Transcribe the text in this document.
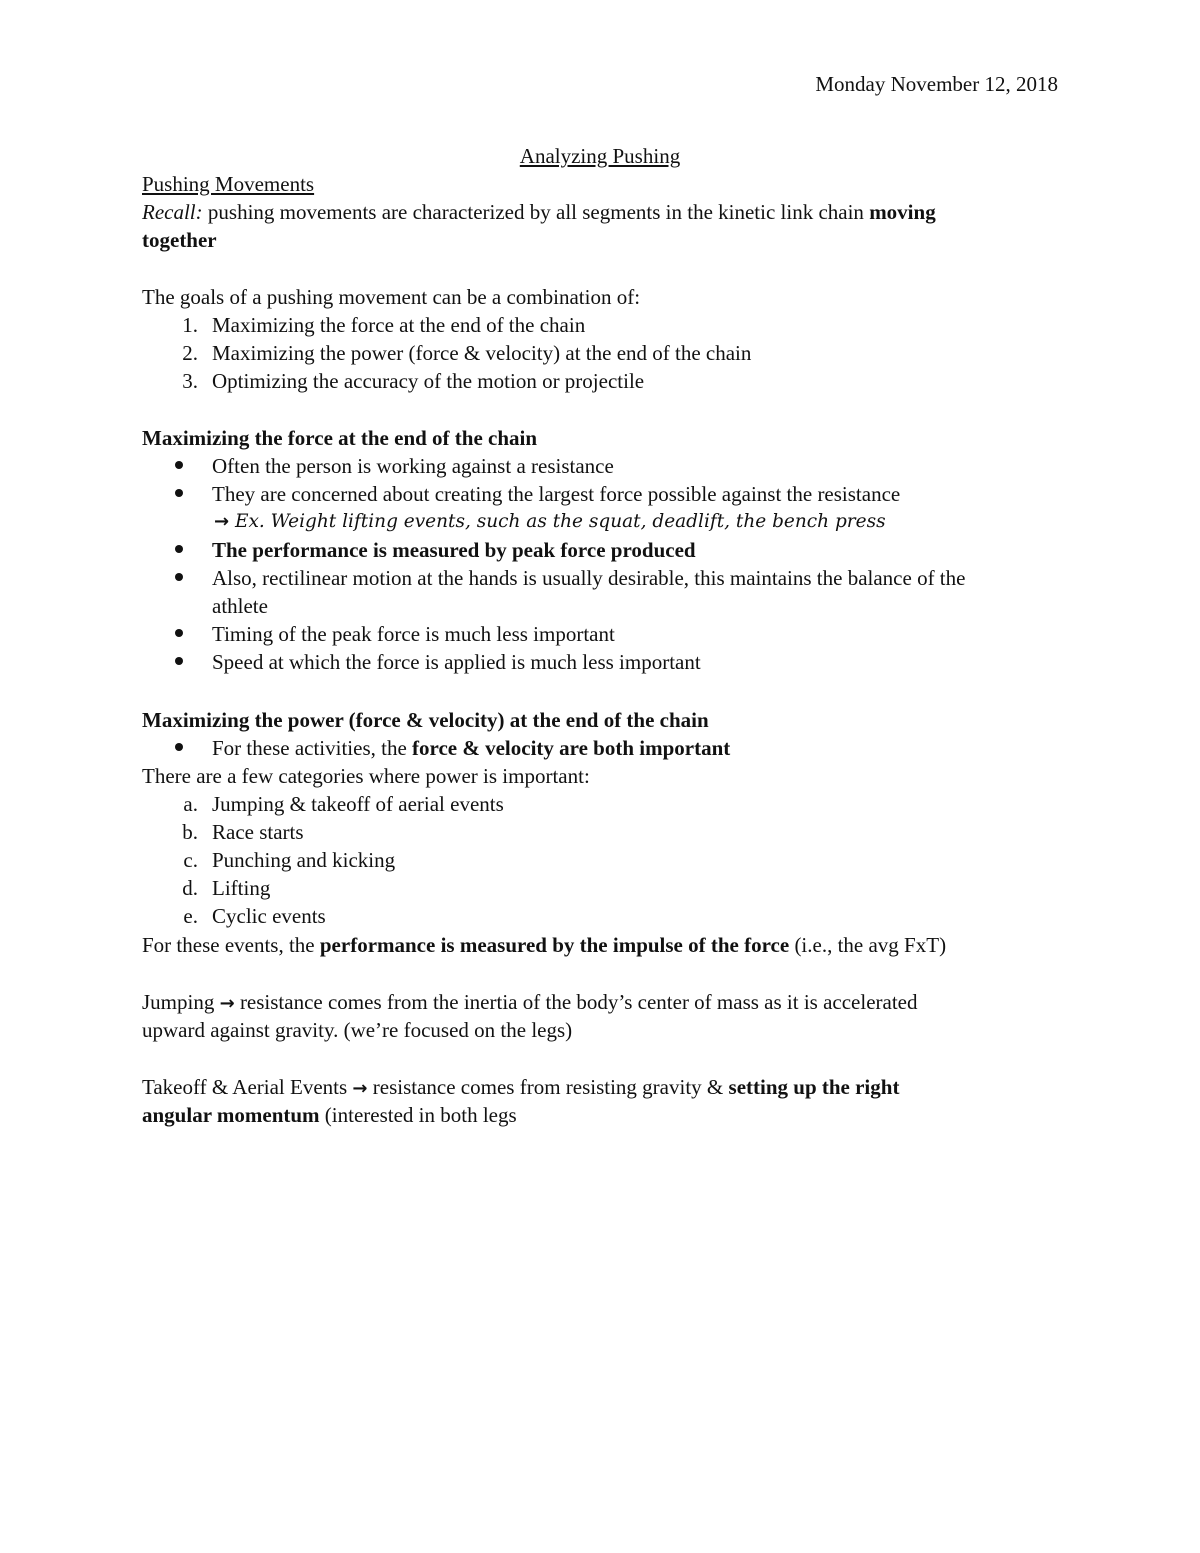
Monday November 12, 2018
Analyzing Pushing
Pushing Movements
Recall: pushing movements are characterized by all segments in the kinetic link chain moving
together
The goals of a pushing movement can be a combination of:
1. Maximizing the force at the end of the chain
2. Maximizing the power (force & velocity) at the end of the chain
3. Optimizing the accuracy of the motion or projectile
Maximizing the force at the end of the chain
Often the person is working against a resistance
They are concerned about creating the largest force possible against the resistance
→ Ex. Weight lifting events, such as the squat, deadlift, the bench press
The performance is measured by peak force produced
Also, rectilinear motion at the hands is usually desirable, this maintains the balance of the
athlete
Timing of the peak force is much less important
Speed at which the force is applied is much less important
Maximizing the power (force & velocity) at the end of the chain
For these activities, the force & velocity are both important
There are a few categories where power is important:
a. Jumping & takeoff of aerial events
b. Race starts
c. Punching and kicking
d. Lifting
e. Cyclic events
For these events, the performance is measured by the impulse of the force (i.e., the avg FxT)
Jumping → resistance comes from the inertia of the body’s center of mass as it is accelerated
upward against gravity. (we’re focused on the legs)
Takeoff & Aerial Events → resistance comes from resisting gravity & setting up the right
angular momentum (interested in both legs
